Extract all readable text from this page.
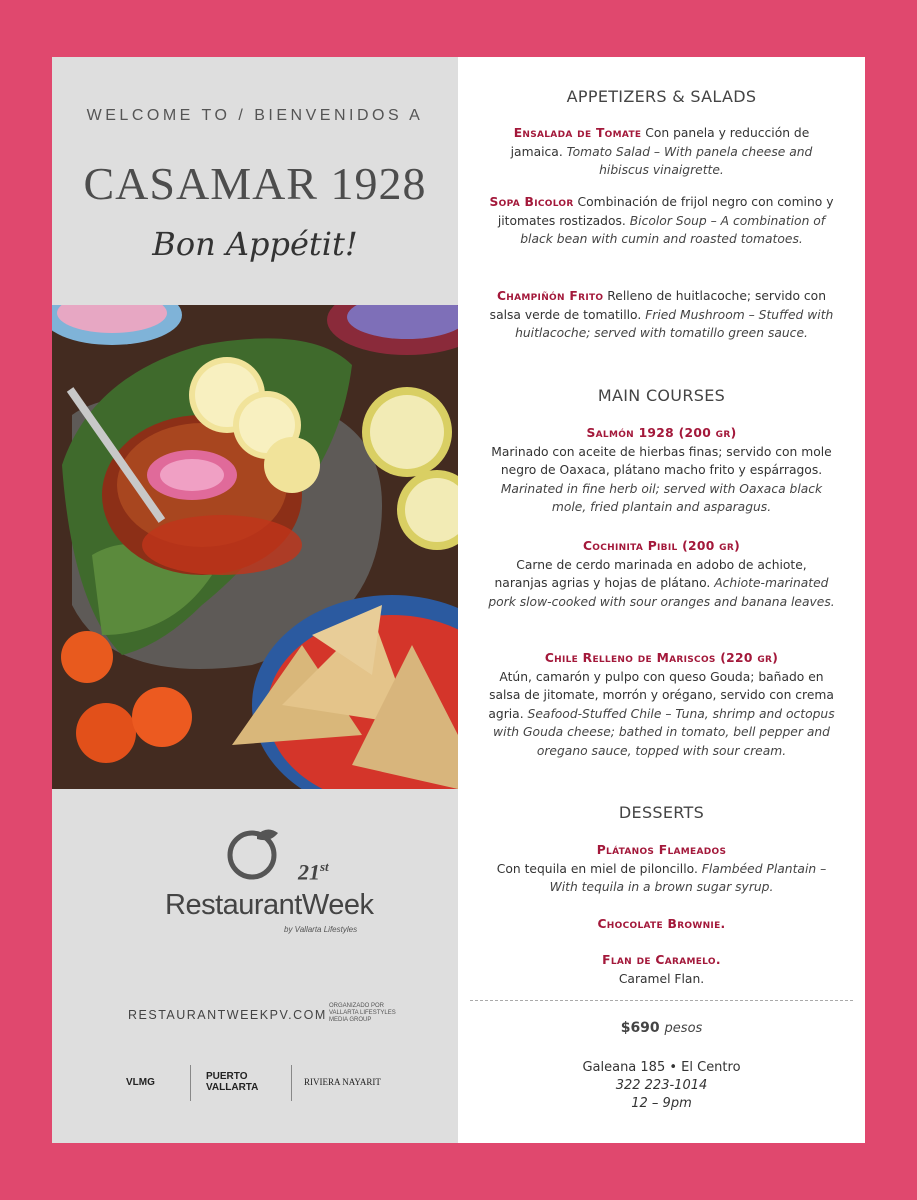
WELCOME TO / BIENVENIDOS A
CASAMAR 1928
Bon Appétit!
21st
RestaurantWeek
by Vallarta Lifestyles
RESTAURANTWEEKPV.COM
ORGANIZADO POR VALLARTA LIFESTYLES MEDIA GROUP
VLMG
PUERTO VALLARTA	RIVIERA NAYARIT
APPETIZERS & SALADS
Ensalada de Tomate Con panela y reducción de jamaica. Tomato Salad – With panela cheese and hibiscus vinaigrette.
Sopa Bicolor Combinación de frijol negro con comino y jitomates rostizados. Bicolor Soup – A combination of black bean with cumin and roasted tomatoes.
Champiñón Frito Relleno de huitlacoche; servido con salsa verde de tomatillo. Fried Mushroom – Stuffed with huitlacoche; served with tomatillo green sauce.
MAIN COURSES
Salmón 1928 (200 gr)
Marinado con aceite de hierbas finas; servido con mole negro de Oaxaca, plátano macho frito y espárragos. Marinated in fine herb oil; served with Oaxaca black mole, fried plantain and asparagus.
Cochinita Pibil (200 gr)
Carne de cerdo marinada en adobo de achiote, naranjas agrias y hojas de plátano. Achiote-marinated pork slow-cooked with sour oranges and banana leaves.
Chile Relleno de Mariscos (220 gr)
Atún, camarón y pulpo con queso Gouda; bañado en salsa de jitomate, morrón y orégano, servido con crema agria. Seafood-Stuffed Chile – Tuna, shrimp and octopus with Gouda cheese; bathed in tomato, bell pepper and oregano sauce, topped with sour cream.
DESSERTS
Plátanos Flameados
Con tequila en miel de piloncillo. Flambéed Plantain – With tequila in a brown sugar syrup.
Chocolate Brownie.
Flan de Caramelo.
Caramel Flan.
$690 pesos
Galeana 185 • El Centro
322 223-1014
12 – 9pm
